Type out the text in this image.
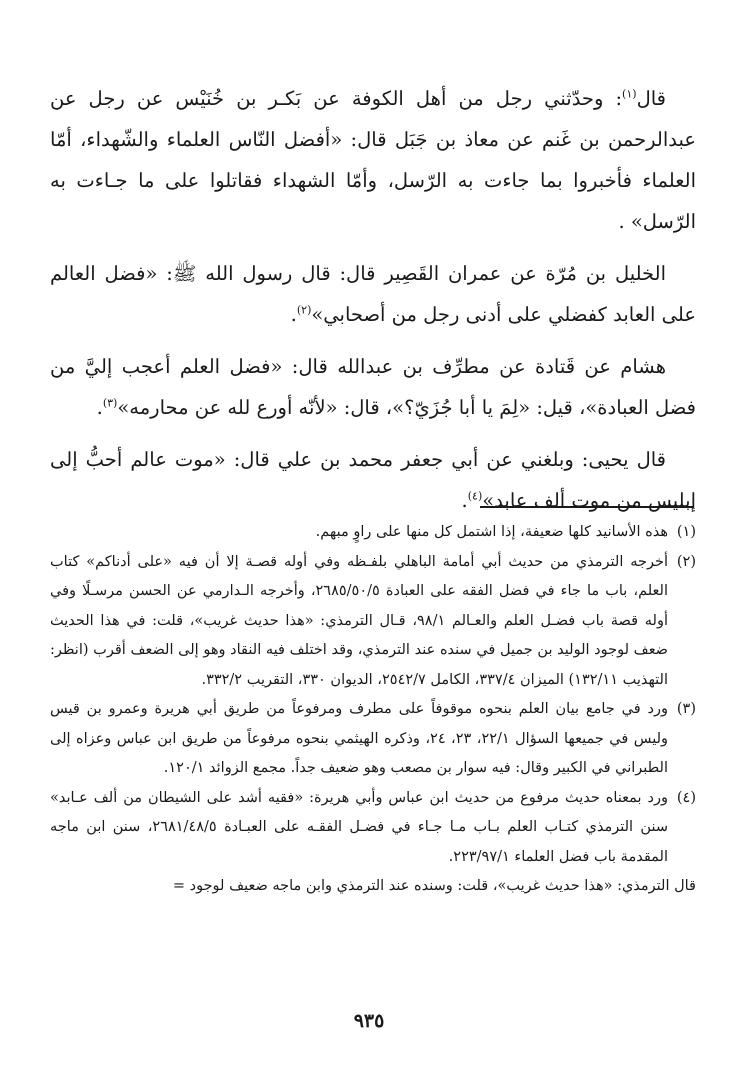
قال$^{(١)}$: وحدّثني رجل من أهل الكوفة عن بَكـر بن خُنَيْس عن رجل عن عبدالرحمن بن غَنم عن معاذ بن جَبَل قال: «أفضل النّاس العلماء والشّهداء، أمّا العلماء فأخبروا بما جاءت به الرّسل، وأمّا الشهداء فقاتلوا على ما جـاءت به الرّسل» .

الخليل بن مُرّة عن عمران القَصِير قال: قال رسول الله ﷺ: «فضل العالم على العابد كفضلي على أدنى رجل من أصحابي»$^{(٢)}$.

هشام عن قَتادة عن مطرِّف بن عبدالله قال: «فضل العلم أعجب إليَّ من فضل العبادة»، قيل: «لِمَ يا أبا جُزَيّ؟»، قال: «لأنّه أورع لله عن محارمه»$^{(٣)}$.

قال يحيى: وبلغني عن أبي جعفر محمد بن علي قال: «موت عالم أحبُّ إلى إبليس من موت ألف عابد»$^{(٤)}$.

(١)
هذه الأسانيد كلها ضعيفة، إذا اشتمل كل منها على راوٍ مبهم.
(٢)
أخرجه الترمذي من حديث أبي أمامة الباهلي بلفـظه وفي أوله قصـة إلا أن فيه «على أدناكم» كتاب العلم، باب ما جاء في فضل الفقه على العبادة ٢٦٨٥/٥٠/٥، وأخرجه الـدارمي عن الحسن مرسـلًا وفي أوله قصة باب فضـل العلم والعـالم ٩٨/١، قـال الترمذي: «هذا حديث غريب»، قلت: في هذا الحديث ضعف لوجود الوليد بن جميل في سنده عند الترمذي، وقد اختلف فيه النقاد وهو إلى الضعف أقرب (انظر: التهذيب ١٣٢/١١) الميزان ٣٣٧/٤، الكامل ٢٥٤٢/٧، الديوان ٣٣٠، التقريب ٣٣٢/٢.
(٣)
ورد في جامع بيان العلم بنحوه موقوفاً على مطرف ومرفوعاً من طريق أبي هريرة وعمرو بن قيس وليس في جميعها السؤال ٢٢/١، ٢٣، ٢٤، وذكره الهيثمي بنحوه مرفوعاً من طريق ابن عباس وعزاه إلى الطبراني في الكبير وقال: فيه سوار بن مصعب وهو ضعيف جداً. مجمع الزوائد ١٢٠/١.
(٤)
ورد بمعناه حديث مرفوع من حديث ابن عباس وأبي هريرة: «فقيه أشد على الشيطان من ألف عـابد» سنن الترمذي كتـاب العلم بـاب مـا جـاء في فضـل الفقـه على العبـادة ٢٦٨١/٤٨/٥، سنن ابن ماجه المقدمة باب فضل العلماء ٢٢٣/٩٧/١.
قال الترمذي: «هذا حديث غريب»، قلت: وسنده عند الترمذي وابن ماجه ضعيف لوجود =
٩٣٥
